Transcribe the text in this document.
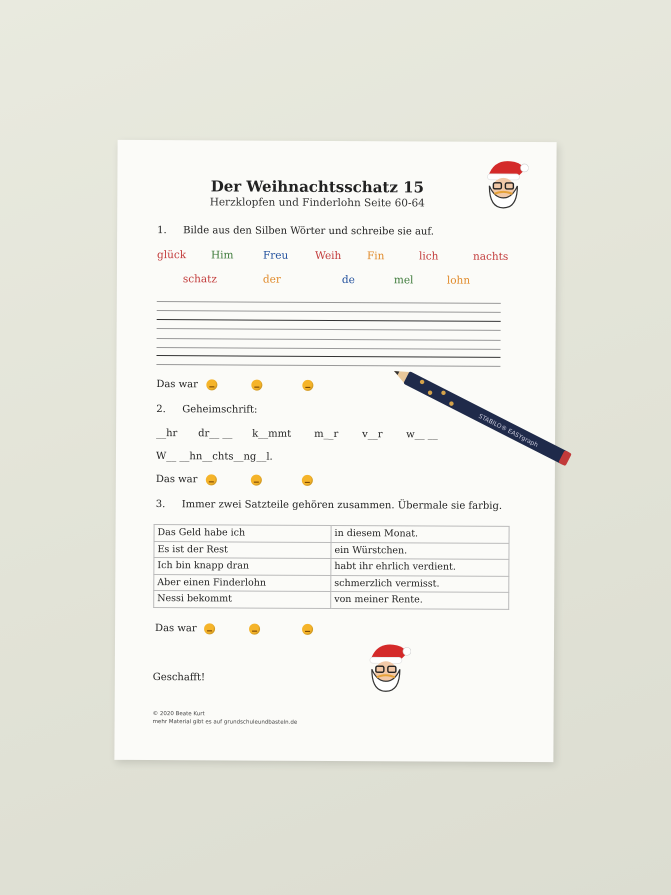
Der Weihnachtsschatz 15
Herzklopfen und Finderlohn Seite 60-64
1. Bilde aus den Silben Wörter und schreibe sie auf.
glück Him	Freu	Weih Fin	lich	nachts
schatz	der	de	mel	lohn
Das war
2. Geheimschrift:
__hr dr__ __ k__mmt m__r v__r w__ __
W__ __hn__chts__ng__l.
Das war
3. Immer zwei Satzteile gehören zusammen. Übermale sie farbig.
Das Geld habe ich	in diesem Monat.
Es ist der Rest	ein Würstchen.
Ich bin knapp dran	habt ihr ehrlich verdient.
Aber einen Finderlohn	schmerzlich vermisst.
Nessi bekommt	von meiner Rente.
Das war
Geschafft!
© 2020 Beate Kurt
mehr Material gibt es auf grundschuleundbasteln.de
STABILO® EASYgraph
